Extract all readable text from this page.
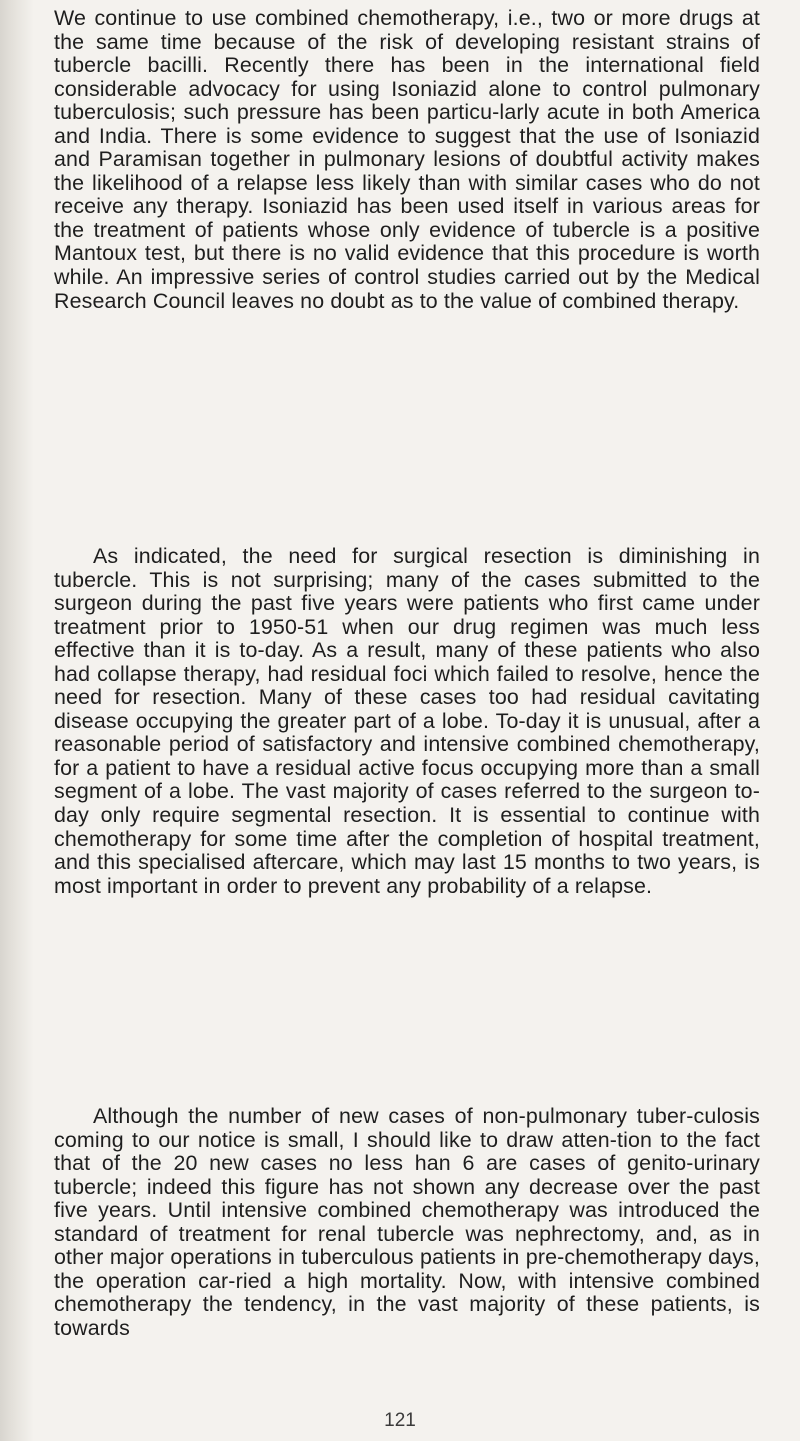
We continue to use combined chemotherapy, i.e., two or more drugs at the same time because of the risk of developing resistant strains of tubercle bacilli. Recently there has been in the international field considerable advocacy for using Isoniazid alone to control pulmonary tuberculosis; such pressure has been particu-larly acute in both America and India. There is some evidence to suggest that the use of Isoniazid and Paramisan together in pulmonary lesions of doubtful activity makes the likelihood of a relapse less likely than with similar cases who do not receive any therapy. Isoniazid has been used itself in various areas for the treatment of patients whose only evidence of tubercle is a positive Mantoux test, but there is no valid evidence that this procedure is worth while. An impressive series of control studies carried out by the Medical Research Council leaves no doubt as to the value of combined therapy.

As indicated, the need for surgical resection is diminishing in tubercle. This is not surprising; many of the cases submitted to the surgeon during the past five years were patients who first came under treatment prior to 1950-51 when our drug regimen was much less effective than it is to-day. As a result, many of these patients who also had collapse therapy, had residual foci which failed to resolve, hence the need for resection. Many of these cases too had residual cavitating disease occupying the greater part of a lobe. To-day it is unusual, after a reasonable period of satisfactory and intensive combined chemotherapy, for a patient to have a residual active focus occupying more than a small segment of a lobe. The vast majority of cases referred to the surgeon to-day only require segmental resection. It is essential to continue with chemotherapy for some time after the completion of hospital treatment, and this specialised aftercare, which may last 15 months to two years, is most important in order to prevent any probability of a relapse.

Although the number of new cases of non-pulmonary tuber-culosis coming to our notice is small, I should like to draw atten-tion to the fact that of the 20 new cases no less han 6 are cases of genito-urinary tubercle; indeed this figure has not shown any decrease over the past five years. Until intensive combined chemotherapy was introduced the standard of treatment for renal tubercle was nephrectomy, and, as in other major operations in tuberculous patients in pre-chemotherapy days, the operation car-ried a high mortality. Now, with intensive combined chemotherapy the tendency, in the vast majority of these patients, is towards

121
